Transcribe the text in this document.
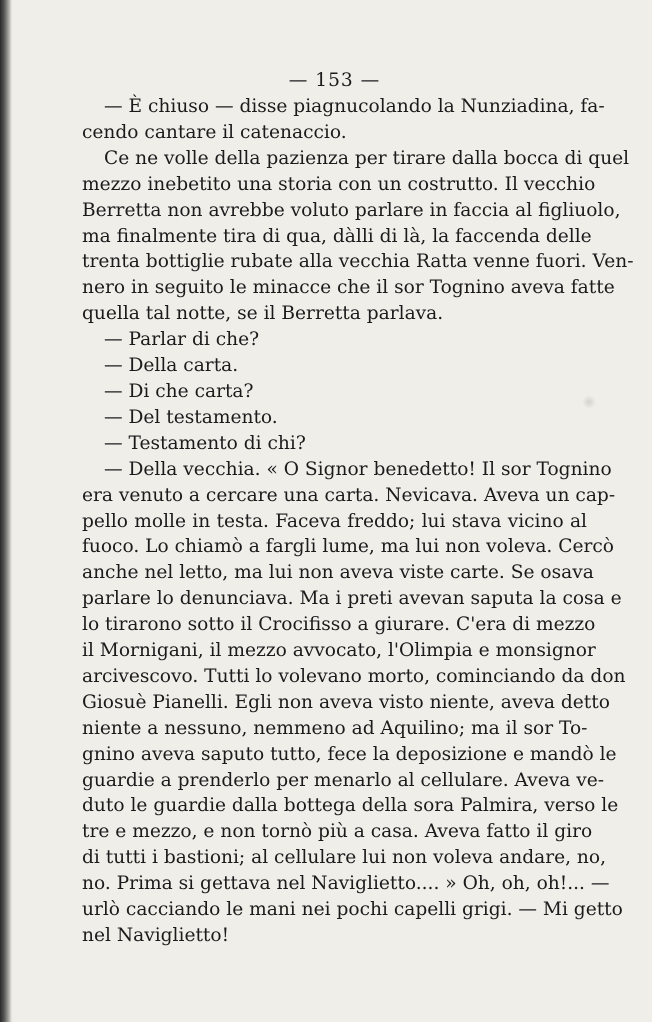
— 153 —
— È chiuso — disse piagnucolando la Nunziadina, fa-
cendo cantare il catenaccio.
Ce ne volle della pazienza per tirare dalla bocca di quel
mezzo inebetito una storia con un costrutto. Il vecchio
Berretta non avrebbe voluto parlare in faccia al figliuolo,
ma finalmente tira di qua, dàlli di là, la faccenda delle
trenta bottiglie rubate alla vecchia Ratta venne fuori. Ven-
nero in seguito le minacce che il sor Tognino aveva fatte
quella tal notte, se il Berretta parlava.
— Parlar di che?
— Della carta.
— Di che carta?
— Del testamento.
— Testamento di chi?
— Della vecchia. « O Signor benedetto! Il sor Tognino
era venuto a cercare una carta. Nevicava. Aveva un cap-
pello molle in testa. Faceva freddo; lui stava vicino al
fuoco. Lo chiamò a fargli lume, ma lui non voleva. Cercò
anche nel letto, ma lui non aveva viste carte. Se osava
parlare lo denunciava. Ma i preti avevan saputa la cosa e
lo tirarono sotto il Crocifisso a giurare. C'era di mezzo
il Mornigani, il mezzo avvocato, l'Olimpia e monsignor
arcivescovo. Tutti lo volevano morto, cominciando da don
Giosuè Pianelli. Egli non aveva visto niente, aveva detto
niente a nessuno, nemmeno ad Aquilino; ma il sor To-
gnino aveva saputo tutto, fece la deposizione e mandò le
guardie a prenderlo per menarlo al cellulare. Aveva ve-
duto le guardie dalla bottega della sora Palmira, verso le
tre e mezzo, e non tornò più a casa. Aveva fatto il giro
di tutti i bastioni; al cellulare lui non voleva andare, no,
no. Prima si gettava nel Naviglietto.... » Oh, oh, oh!... —
urlò cacciando le mani nei pochi capelli grigi. — Mi getto
nel Naviglietto!
